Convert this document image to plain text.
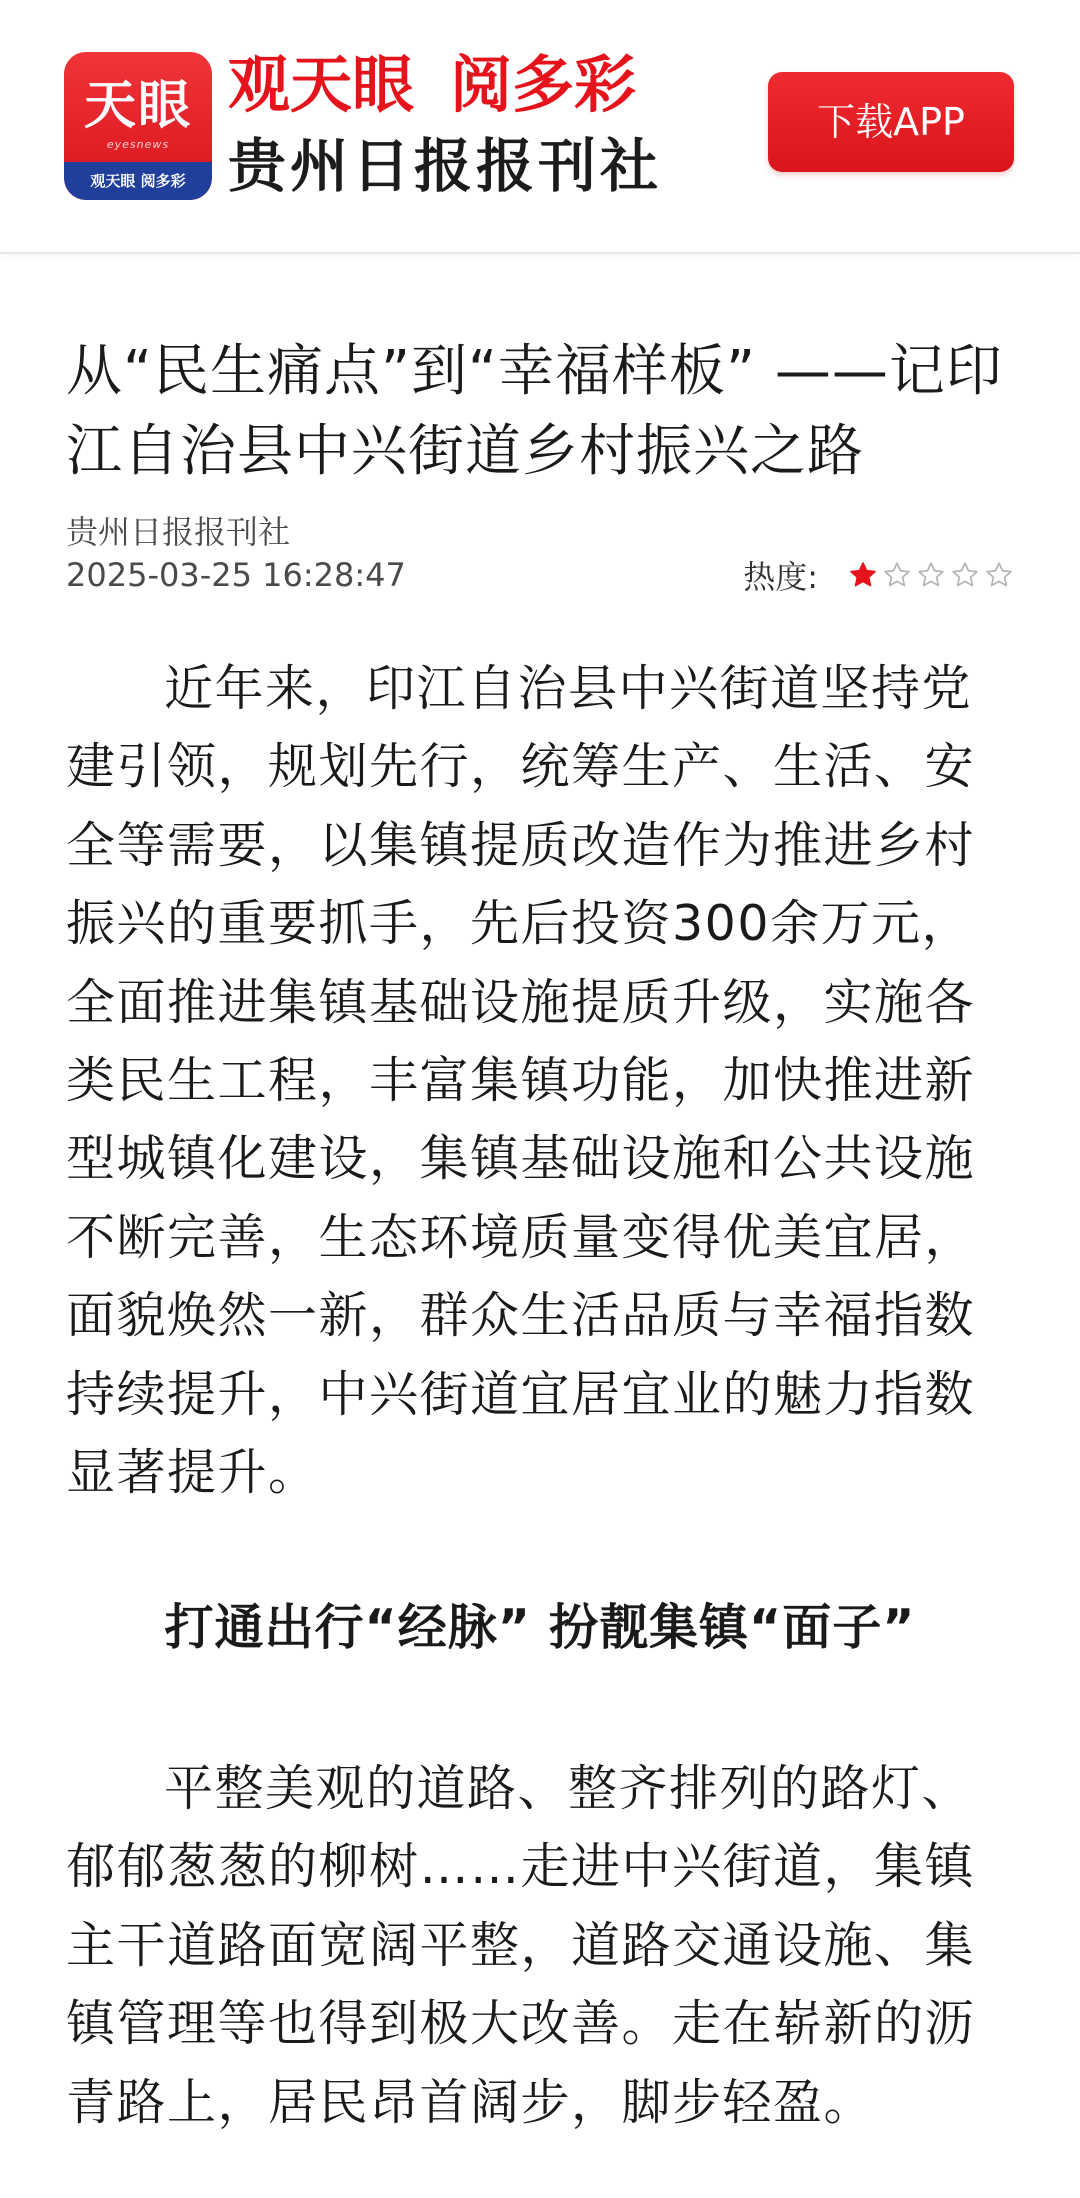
天眼
eyesnews
观天眼 阅多彩
观天眼 阅多彩
贵州日报报刊社
下载APP
从“民生痛点”到“幸福样板” ——记印江自治县中兴街道乡村振兴之路
贵州日报报刊社
2025-03-25 16:28:47	热度:

近年来，印江自治县中兴街道坚持党建引领，规划先行，统筹生产、生活、安全等需要，以集镇提质改造作为推进乡村振兴的重要抓手，先后投资300余万元，全面推进集镇基础设施提质升级，实施各类民生工程，丰富集镇功能，加快推进新型城镇化建设，集镇基础设施和公共设施不断完善，生态环境质量变得优美宜居，面貌焕然一新，群众生活品质与幸福指数持续提升，中兴街道宜居宜业的魅力指数显著提升。

打通出行“经脉” 扮靓集镇“面子”

平整美观的道路、整齐排列的路灯、郁郁葱葱的柳树……走进中兴街道，集镇主干道路面宽阔平整，道路交通设施、集镇管理等也得到极大改善。走在崭新的沥青路上，居民昂首阔步，脚步轻盈。
